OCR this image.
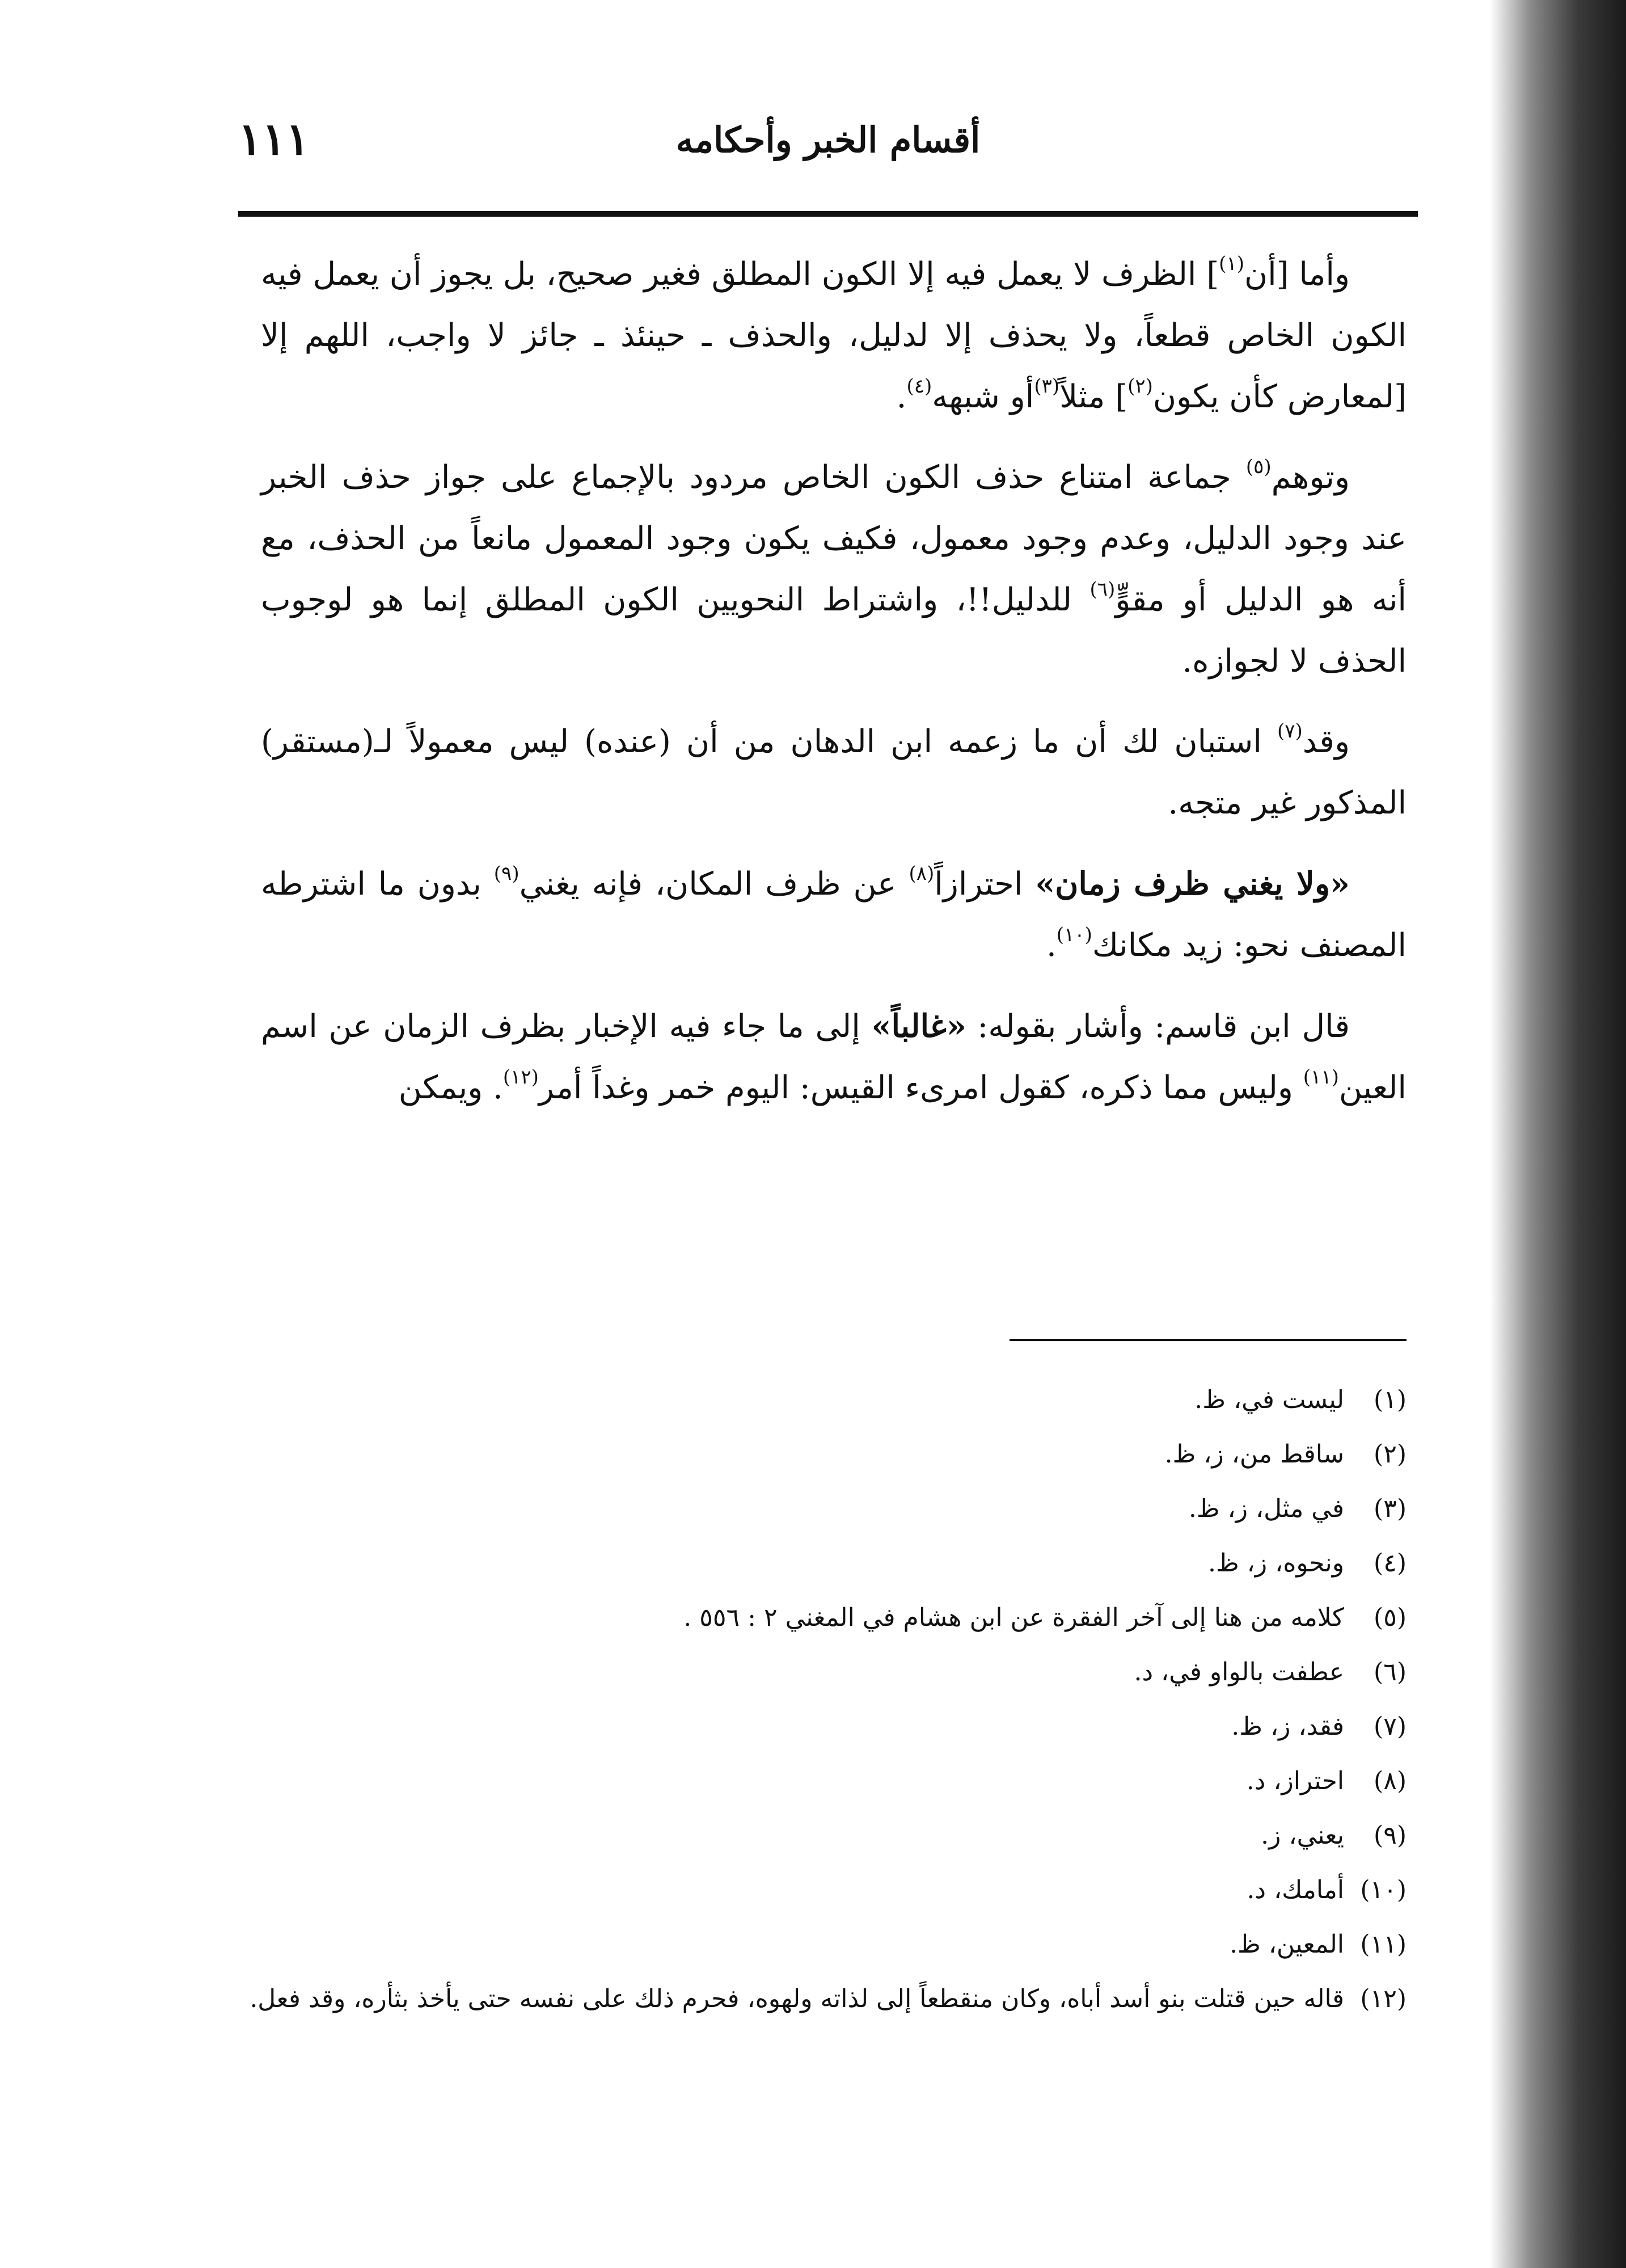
١١١	أقسام الخبر وأحكامه

وأما [أن$^{(١)}$] الظرف لا يعمل فيه إلا الكون المطلق فغير صحيح، بل يجوز أن يعمل فيه الكون الخاص قطعاً، ولا يحذف إلا لدليل، والحذف ـ حينئذ ـ جائز لا واجب، اللهم إلا [لمعارض كأن يكون$^{(٢)}$] مثلاً$^{(٣)}$أو شبهه$^{(٤)}$.

وتوهم$^{(٥)}$ جماعة امتناع حذف الكون الخاص مردود بالإجماع على جواز حذف الخبر عند وجود الدليل، وعدم وجود معمول، فكيف يكون وجود المعمول مانعاً من الحذف، مع أنه هو الدليل أو مقوٍّ$^{(٦)}$ للدليل!!، واشتراط النحويين الكون المطلق إنما هو لوجوب الحذف لا لجوازه.

وقد$^{(٧)}$ استبان لك أن ما زعمه ابن الدهان من أن (عنده) ليس معمولاً لـ(مستقر) المذكور غير متجه.

«ولا يغني ظرف زمان» احترازاً$^{(٨)}$ عن ظرف المكان، فإنه يغني$^{(٩)}$ بدون ما اشترطه المصنف نحو: زيد مكانك$^{(١٠)}$.

قال ابن قاسم: وأشار بقوله: «غالباً» إلى ما جاء فيه الإخبار بظرف الزمان عن اسم العين$^{(١١)}$ وليس مما ذكره، كقول امرىء القيس: اليوم خمر وغداً أمر$^{(١٢)}$. ويمكن

(١)
ليست في، ظ.
(٢)
ساقط من، ز، ظ.
(٣)
في مثل، ز، ظ.
(٤)
ونحوه، ز، ظ.
(٥)
كلامه من هنا إلى آخر الفقرة عن ابن هشام في المغني ٢ : ٥٥٦ .
(٦)
عطفت بالواو في، د.
(٧)
فقد، ز، ظ.
(٨)
احتراز، د.
(٩)
يعني، ز.
(١٠)
أمامك، د.
(١١)
المعين، ظ.
(١٢)
قاله حين قتلت بنو أسد أباه، وكان منقطعاً إلى لذاته ولهوه، فحرم ذلك على نفسه حتى يأخذ بثأره، وقد فعل.
